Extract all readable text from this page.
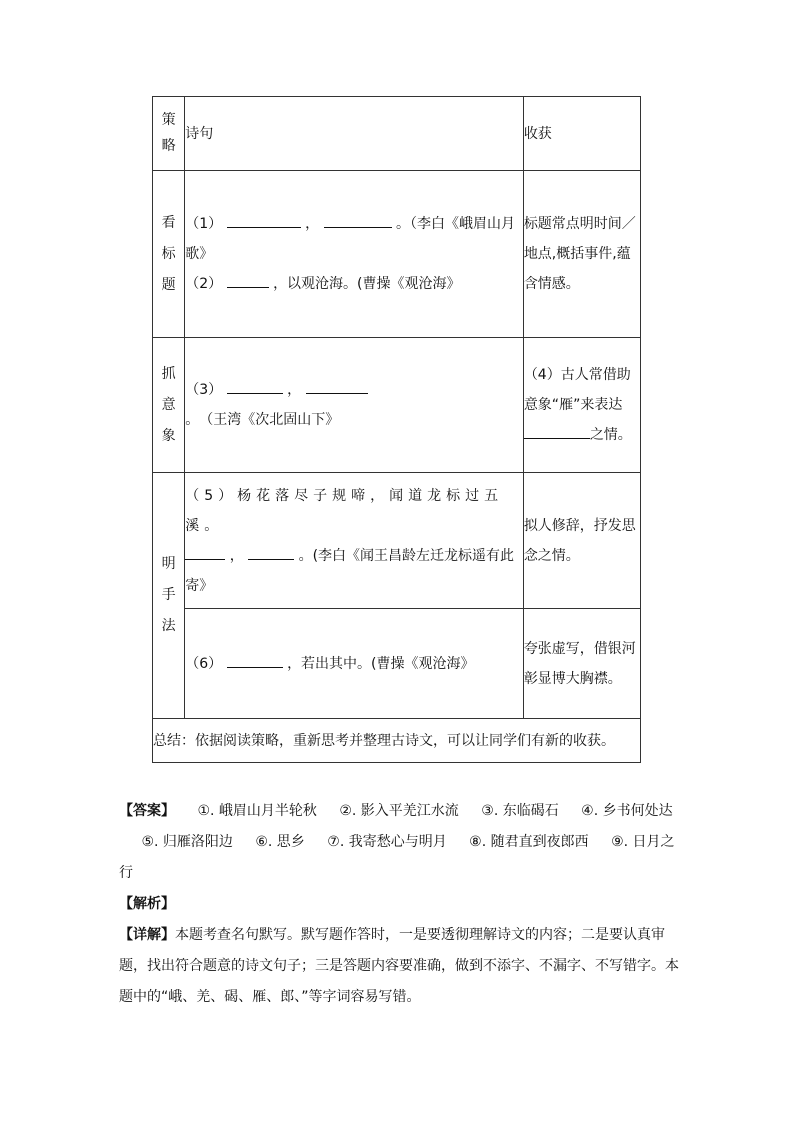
策略	诗句	收获
看标题	（1） ， 。（李白《峨眉山月歌》
（2） ，以观沧海。(曹操《观沧海》	标题常点明时间／地点,概括事件,蕴含情感。
抓意象	（3） ，  。　（王湾《次北固山下》	（4）古人常借助意象“雁”来表达之情。
明手法	（5）杨花落尽子规啼，闻道龙标过五溪。
， 。(李白《闻王昌龄左迁龙标遥有此寄》	拟人修辞，抒发思念之情。
	（6） ，若出其中。(曹操《观沧海》	夸张虚写，借银河彰显博大胸襟。
总结：依据阅读策略，重新思考并整理古诗文，可以让同学们有新的收获。		

【答案】 ①. 峨眉山月半轮秋 ②. 影入平羌江水流 ③. 东临碣石 ④. 乡书何处达 ⑤. 归雁洛阳边 ⑥. 思乡 ⑦. 我寄愁心与明月 ⑧. 随君直到夜郎西 ⑨. 日月之行

【解析】

【详解】本题考查名句默写。默写题作答时，一是要透彻理解诗文的内容；二是要认真审题，找出符合题意的诗文句子；三是答题内容要准确，做到不添字、不漏字、不写错字。本题中的“峨、羌、碣、雁、郎、”等字词容易写错。
